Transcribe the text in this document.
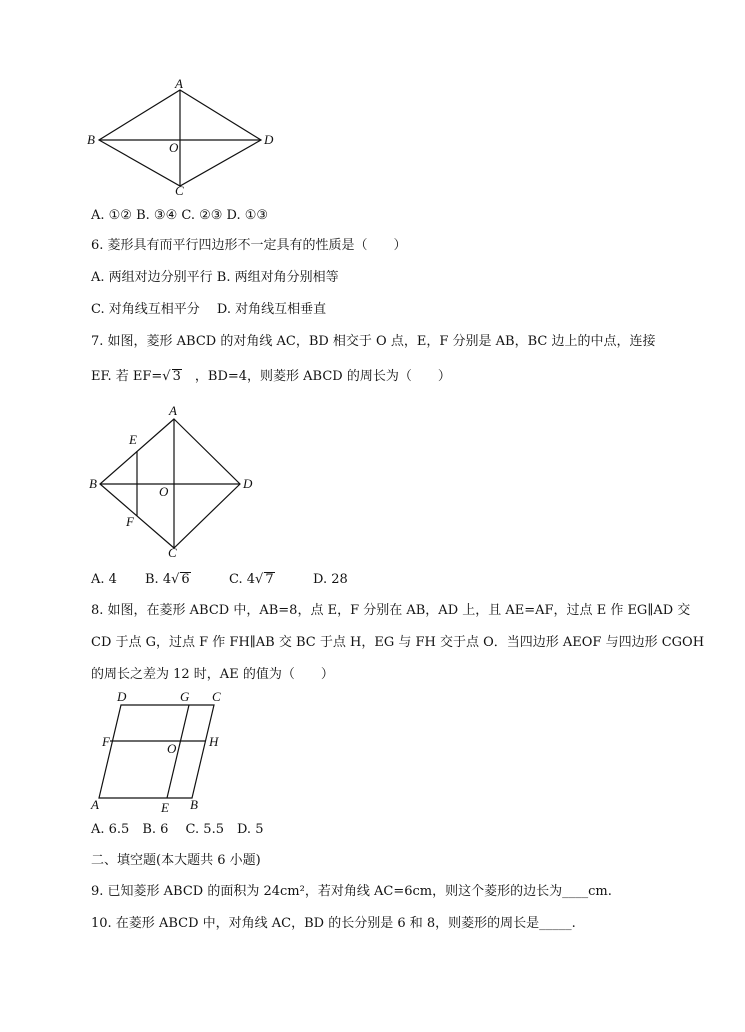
A
B
C
D
O
A. ①② B. ③④ C. ②③ D. ①③
6. 菱形具有而平行四边形不一定具有的性质是（　　）
A. 两组对边分别平行 B. 两组对角分别相等
C. 对角线互相平分　 D. 对角线互相垂直
7. 如图，菱形 ABCD 的对角线 AC，BD 相交于 O 点，E，F 分别是 AB，BC 边上的中点，连接
EF. 若 EF=√ 3　 ，BD=4，则菱形 ABCD 的周长为（　　）
A
B
C
D
O
E
F
A. 4 B. 4√ 6	C. 4√ 7	D. 28
8. 如图，在菱形 ABCD 中，AB=8，点 E，F 分别在 AB，AD 上，且 AE=AF，过点 E 作 EG∥AD 交
CD 于点 G，过点 F 作 FH∥AB 交 BC 于点 H，EG 与 FH 交于点 O．当四边形 AEOF 与四边形 CGOH
的周长之差为 12 时，AE 的值为（　　）
D	G C
F	O	H
A	E B
A. 6.5　B. 6　 C. 5.5　D. 5
二、填空题(本大题共 6 小题)
9. 已知菱形 ABCD 的面积为 24cm²，若对角线 AC=6cm，则这个菱形的边长为____cm.
10. 在菱形 ABCD 中，对角线 AC，BD 的长分别是 6 和 8，则菱形的周长是_____.
